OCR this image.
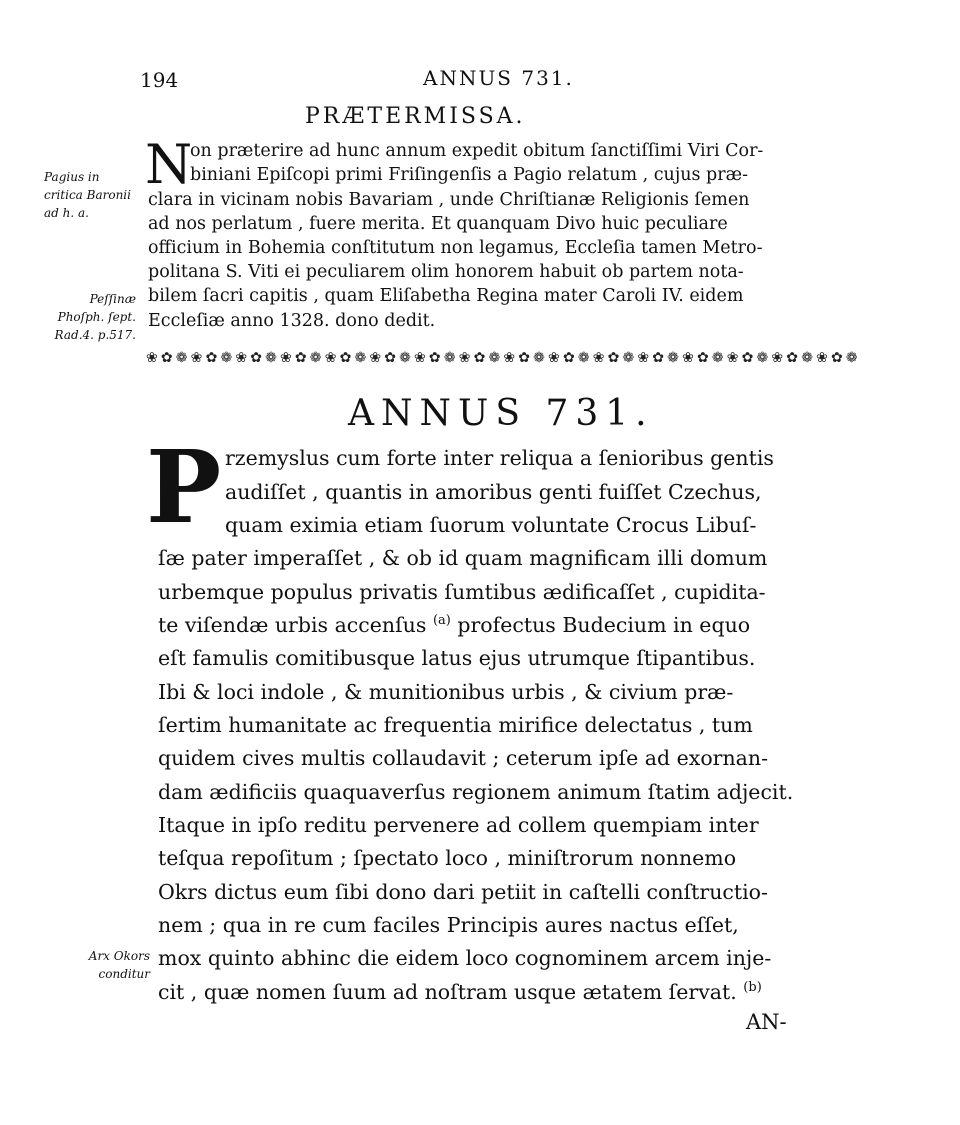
194	ANNUS 731.
PRÆTERMISSA.
N
on præterire ad hunc annum expedit obitum ſanctiſſimi Viri Cor-
biniani Epiſcopi primi Friſingenſis a Pagio relatum , cujus præ-
clara in vicinam nobis Bavariam , unde Chriſtianæ Religionis ſemen
ad nos perlatum , fuere merita. Et quanquam Divo huic peculiare
officium in Bohemia conſtitutum non legamus, Eccleſia tamen Metro-
politana S. Viti ei peculiarem olim honorem habuit ob partem nota-
bilem ſacri capitis , quam Eliſabetha Regina mater Caroli IV. eidem
Eccleſiæ anno 1328. dono dedit.
Pagius in
critica Baronii
ad h. a.
Peſſinæ
Phoſph. ſept.
Rad.4. p.517.
❀ ✿ ❁ ❀ ✿ ❁ ❀ ✿ ❁ ❀ ✿ ❁ ❀ ✿ ❁ ❀ ✿ ❁ ❀ ✿ ❁ ❀ ✿ ❁ ❀ ✿ ❁ ❀ ✿ ❁ ❀ ✿ ❁ ❀ ✿ ❁ ❀ ✿ ❁ ❀ ✿ ❁ ❀ ✿ ❁ ❀ ✿ ❁
ANNUS 731.
P rzemyslus cum forte inter reliqua a ſenioribus gentis
audiſſet , quantis in amoribus genti fuiſſet Czechus,
quam eximia etiam ſuorum voluntate Crocus Libuſ-
ſæ pater imperaſſet , & ob id quam magnificam illi domum
urbemque populus privatis ſumtibus ædificaſſet , cupidita-
te viſendæ urbis accenſus $^{(a)}$ profectus Budecium in equo
eſt famulis comitibusque latus ejus utrumque ſtipantibus.
Ibi & loci indole , & munitionibus urbis , & civium præ-
ſertim humanitate ac frequentia mirifice delectatus , tum
quidem cives multis collaudavit ; ceterum ipſe ad exornan-
dam ædificiis quaquaverſus regionem animum ſtatim adjecit.
Itaque in ipſo reditu pervenere ad collem quempiam inter
teſqua repoſitum ; ſpectato loco , miniſtrorum nonnemo
Okrs dictus eum ſibi dono dari petiit in caſtelli conſtructio-
nem ; qua in re cum faciles Principis aures nactus eſſet,
mox quinto abhinc die eidem loco cognominem arcem inje-
cit , quæ nomen ſuum ad noſtram usque ætatem ſervat. $^{(b)}$
Arx Okors
conditur
AN-
